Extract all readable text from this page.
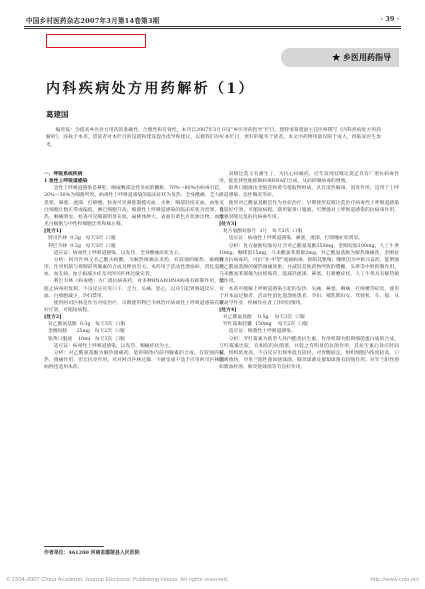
中国乡村医药杂志2007年3月第14卷第3期	· 39 ·
★ 乡医用药指导
内科疾病处方用药解析（1）
葛建国
编者按：为提高乡医处方用药的准确性、合理性和有效性，本刊自2007年3月开设“乡医用药指导”栏目，现特请葛建国主任医师撰写《内科疾病处方用药解析》，连载于本刊。望读者对本栏目的设置和建设提出指导和建议，以便我们办好本栏目，更好的服务于读者。本文中药物用量仅限于成人，供临床医生参考。

一、呼吸系统疾病

1 急性上呼吸道感染

急性上呼吸道感染是鼻腔、咽或喉部急性炎症的概称，70%～80%由病毒引起，20%～30%为细菌所致。病毒性上呼吸道感染的临床症状为发热、全身酸痛、乏力、畏寒、鼻塞、流涕、打喷嚏。检查可见鼻腔黏膜充血、水肿，咽部轻度充血，血象见白细胞计数正常或偏低，淋巴细胞升高。细菌性上呼吸道感染的临床症状为畏寒、发热、咽痛明显，检查可见咽部明显充血，扁桃体肿大，表面有黄色点状渗出物。血象见白细胞与中性粒细胞比率和核左移。

[处方1]

阿司匹林  0.3g   每天3次  口服

利巴韦林  0.2g   每天3次  口服

适应证：病毒性上呼吸道感染，以发热、全身酸痛症状为主。

分析：阿司匹林又名乙酰水杨酸，为解热镇痛抗炎药，有较强的解热、镇痛作用，作用机制与抑制前列腺素的合成及释放有关。本药用于活动性溃疡病、消化道出血、血友病、血小板减少症及对阿司匹林过敏史者。

利巴韦林（病毒唑）为广谱抗病毒药，对多种RNA和DNA病毒有抑制作用，能阻止病毒的复制。不良反应可见口干、乏力、头痛、恶心，以及引起胃肠道反应、贫血、白细胞减少，孕妇禁用。

使用阿司匹林是作为对症治疗，早期使用利巴韦林治疗病毒性上呼吸道感染有较好疗效，可缩短病程。

[处方2]

对乙酰氨基酚  0.3g   每天3次  口服

金刚烷胺      25mg   每天2次  口服

银黄口服液    10ml   每天3次  口服

适应证：病毒性上呼吸道感染，以发热、咽痛症状为主。

分析：对乙酰氨基酚为解热镇痛药，能抑制体内前列腺素的合成，有较强的解热、镇痛作用，但无抗炎作用。对对阿司匹林过敏、不耐受或不适于应用阿司匹林的病例也适用本药。

双嘧达莫又名潘生丁，为抗心绞痛药，近年发现双嘧达莫还具有广谱抗病毒作用，能选择性地抑制病毒RNA的合成，从而抑制病毒的增殖。

银黄口服液由金银花和黄芩提取物组成，具有清热解毒、消炎作用，适用于上呼吸道感染、急性咽炎等症。

使用对乙酰氨基酚是作为对症治疗。早期使用双嘧达莫治疗病毒性上呼吸道感染有较好疗效，可缩短病程。联用银黄口服液，可增强对上呼吸道感染的抗病毒作用，增强双嘧达莫的抗病毒作用。

[处方3]

复方氨酚烷胺片  1片   每天2次  口服

适应证：病毒性上呼吸道感染，鼻塞、流涕、打喷嚏症状明显。

分析：复方氨酚烷胺每片含对乙酰氨基酚250mg，金刚烷胺100mg，人工牛黄10mg，咖啡因15mg，马来酸氯苯那敏2mg。对乙酰氨基酚为解热镇痛药，金刚烷胺为抗病毒药，可抗“亚-甲型”流感病毒，抑制其繁殖；咖啡因为中枢兴奋药，能增强对乙酰氨基酚的解热镇痛效果，并减轻其他药物所致的嗜睡、头晕等中枢抑制作用。马来酸氯苯那敏为抗组胺药，能减轻流涕、鼻塞、打喷嚏症状，人工牛黄具有解热镇惊作用。

本药可缓解上呼吸道感染引起的发热、头痛、鼻塞、咽痛、打喷嚏等症状，使用于对本品过敏者、活动性消化道溃疡患者、孕妇、哺乳期妇女。驾驶机、车、船、从事高空作业、机械作业者工作时间慎用。

[处方4]

对乙酰氨基酚    0.5g    每天3次  口服

罗红霉素胶囊  150mg    每天2次  口服

适应证：细菌性上呼吸道感染。

分析：罗红霉素为新型大环内酯类抗生素，作用机制为阻碍细菌蛋白质的合成，与红霉素比较，有相似的抗菌谱，并较之有明显的抗菌作用，其抗生素后效应时间长，组织浓度高，不良反应出现率低且较轻，对胃酸稳定，组织细胞内浓度较高，口服吸收快，对革兰阳性菌如链球菌、肺炎球菌及葡萄球菌有较强作用。对军兰阳性菌如嗜血杆菌、肺炎链球菌等有良好作用。

作者单位：461200 河南省鄢陵县人民医院
© 1994-2007 China Academic Journal Electronic Publishing House. All rights reserved.	http://www.cnki.net
